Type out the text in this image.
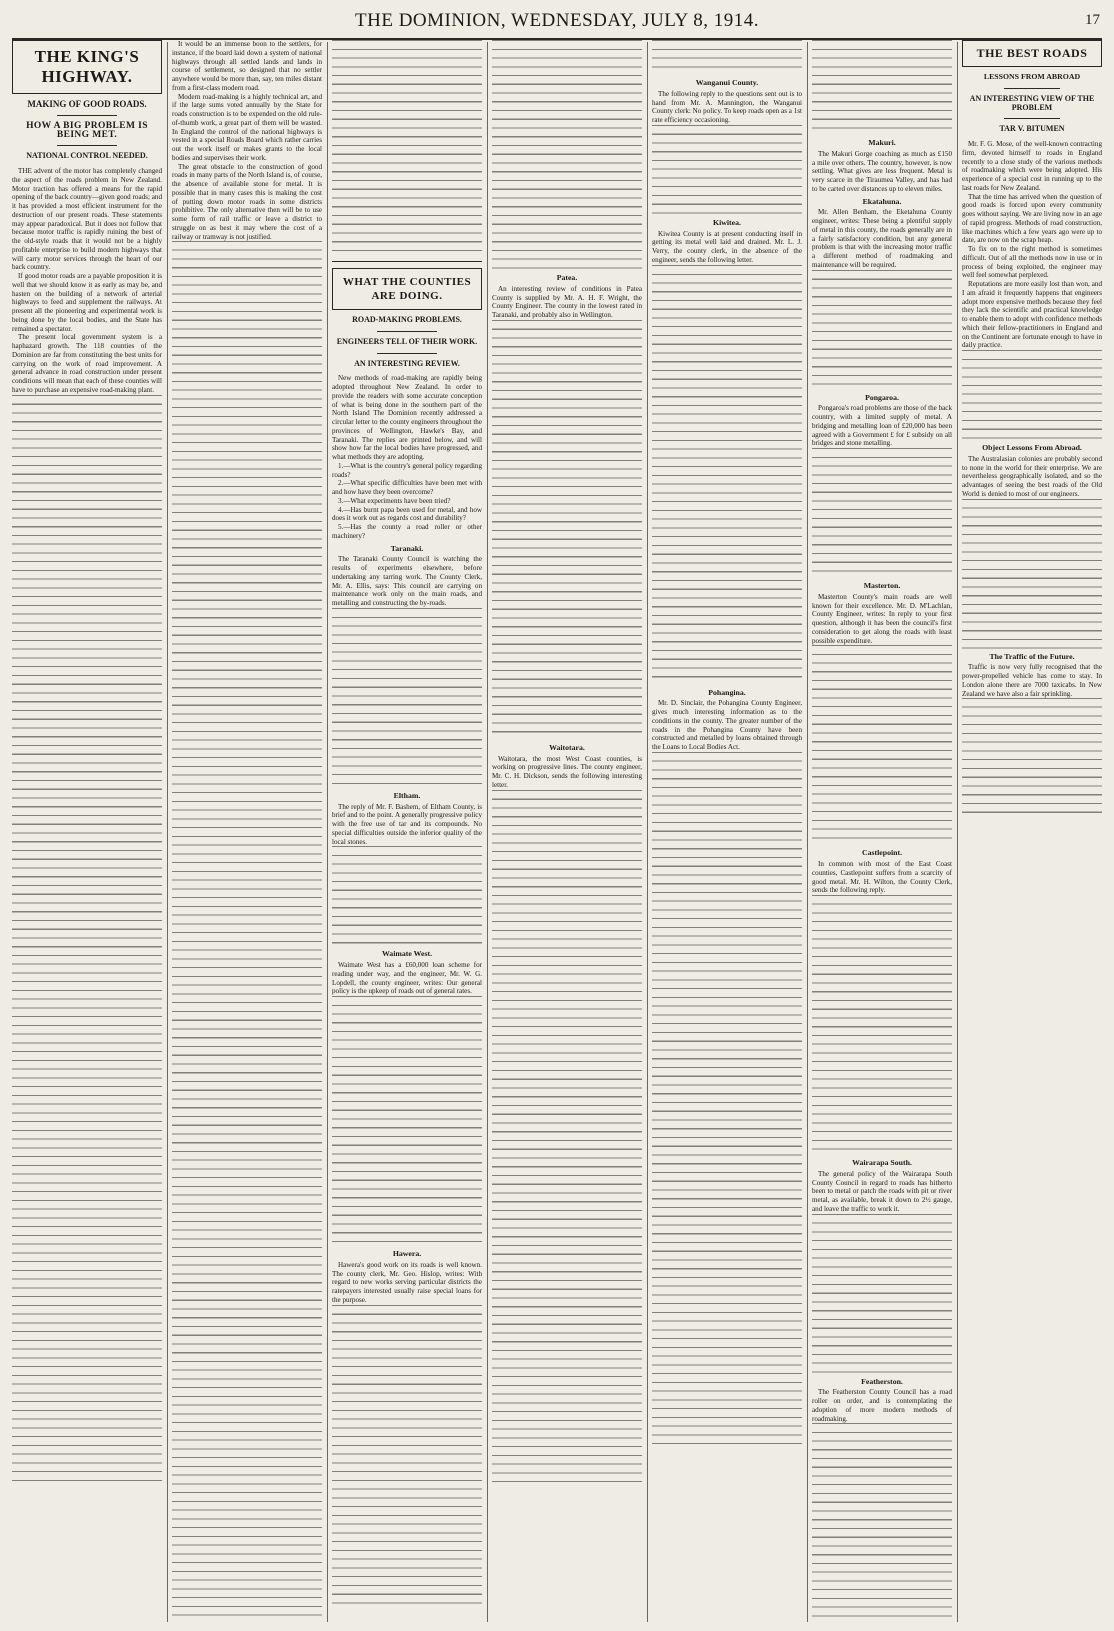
THE DOMINION, WEDNESDAY, JULY 8, 1914.	17
THE KING'S HIGHWAY.
MAKING OF GOOD ROADS.
HOW A BIG PROBLEM IS BEING MET.
NATIONAL CONTROL NEEDED.

THE advent of the motor has completely changed the aspect of the roads problem in New Zealand. Motor traction has offered a means for the rapid opening of the back country—given good roads; and it has provided a most efficient instrument for the destruction of our present roads. These statements may appear paradoxical. But it does not follow that because motor traffic is rapidly ruining the best of the old-style roads that it would not be a highly profitable enterprise to build modern highways that will carry motor services through the heart of our back country.

If good motor roads are a payable proposition it is well that we should know it as early as may be, and hasten on the building of a network of arterial highways to feed and supplement the railways. At present all the pioneering and experimental work is being done by the local bodies, and the State has remained a spectator.

The present local government system is a haphazard growth. The 118 counties of the Dominion are far from constituting the best units for carrying on the work of road improvement. A general advance in road construction under present conditions will mean that each of these counties will have to purchase an expensive road-making plant.

It would be an immense boon to the settlers, for instance, if the board laid down a system of national highways through all settled lands and lands in course of settlement, so designed that no settler anywhere would be more than, say, ten miles distant from a first-class modern road.

Modern road-making is a highly technical art, and if the large sums voted annually by the State for roads construction is to be expended on the old rule-of-thumb work, a great part of them will be wasted. In England the control of the national highways is vested in a special Roads Board which rather carries out the work itself or makes grants to the local bodies and supervises their work.

The great obstacle to the construction of good roads in many parts of the North Island is, of course, the absence of available stone for metal. It is possible that in many cases this is making the cost of putting down motor roads in some districts prohibitive. The only alternative then will be to use some form of rail traffic or leave a district to struggle on as best it may where the cost of a railway or tramway is not justified.

WHAT THE COUNTIES ARE DOING.
ROAD-MAKING PROBLEMS.
ENGINEERS TELL OF THEIR WORK.
AN INTERESTING REVIEW.

New methods of road-making are rapidly being adopted throughout New Zealand. In order to provide the readers with some accurate conception of what is being done in the southern part of the North Island The Dominion recently addressed a circular letter to the county engineers throughout the provinces of Wellington, Hawke's Bay, and Taranaki. The replies are printed below, and will show how far the local bodies have progressed, and what methods they are adopting.

1.—What is the country's general policy regarding roads?

2.—What specific difficulties have been met with and how have they been overcome?

3.—What experiments have been tried?

4.—Has burnt papa been used for metal, and how does it work out as regards cost and durability?

5.—Has the county a road roller or other machinery?

Taranaki.

The Taranaki County Council is watching the results of experiments elsewhere, before undertaking any tarring work. The County Clerk, Mr. A. Ellis, says: This council are carrying on maintenance work only on the main roads, and metalling and constructing the by-roads.

Eltham.

The reply of Mr. F. Bashem, of Eltham County, is brief and to the point. A generally progressive policy with the free use of tar and its compounds. No special difficulties outside the inferior quality of the local stones.

Waimate West.

Waimate West has a £60,000 loan scheme for reading under way, and the engineer, Mr. W. G. Lopdell, the county engineer, writes: Our general policy is the upkeep of roads out of general rates.

Hawera.

Hawera's good work on its roads is well known. The county clerk, Mr. Geo. Hislop, writes: With regard to new works serving particular districts the ratepayers interested usually raise special loans for the purpose.

Patea.

An interesting review of conditions in Patea County is supplied by Mr. A. H. F. Wright, the County Engineer. The county in the lowest rated in Taranaki, and probably also in Wellington.

Waitotara.

Waitotara, the most West Coast counties, is working on progressive lines. The county engineer, Mr. C. H. Dickson, sends the following interesting letter.

Wanganui County.

The following reply to the questions sent out is to hand from Mr. A. Mannington, the Wanganui County clerk: No policy. To keep roads open as a 1st rate efficiency occasioning.

Kiwitea.

Kiwitea County is at present conducting itself in getting its metal well laid and drained. Mr. L. J. Verry, the county clerk, in the absence of the engineer, sends the following letter.

Pohangina.

Mr. D. Sinclair, the Pohangina County Engineer, gives much interesting information as to the conditions in the county. The greater number of the roads in the Pohangina County have been constructed and metalled by loans obtained through the Loans to Local Bodies Act.

Makuri.

The Makuri Gorge coaching as much as £150 a mile over others. The country, however, is now settling. What gives are less frequent. Metal is very scarce in the Tiraumea Valley, and has had to be carted over distances up to eleven miles.

Ekatahuna.

Mr. Allen Benham, the Eketahuna County engineer, writes: These being a plentiful supply of metal in this county, the roads generally are in a fairly satisfactory condition, but any general problem is that with the increasing motor traffic a different method of roadmaking and maintenance will be required.

Pongaroa.

Pongaroa's road problems are those of the back country, with a limited supply of metal. A bridging and metalling loan of £20,000 has been agreed with a Government £ for £ subsidy on all bridges and stone metalling.

Masterton.

Masterton County's main roads are well known for their excellence. Mr. D. M'Lachlan, County Engineer, writes: In reply to your first question, although it has been the council's first consideration to get along the roads with least possible expenditure.

Castlepoint.

In common with most of the East Coast counties, Castlepoint suffers from a scarcity of good metal. Mr. H. Wilton, the County Clerk, sends the following reply.

Wairarapa South.

The general policy of the Wairarapa South County Council in regard to roads has hitherto been to metal or patch the roads with pit or river metal, as available, break it down to 2½ gauge, and leave the traffic to work it.

Featherston.

The Featherston County Council has a road roller on order, and is contemplating the adoption of more modern methods of roadmaking.

THE BEST ROADS
LESSONS FROM ABROAD
AN INTERESTING VIEW OF THE PROBLEM
TAR V. BITUMEN

Mr. F. G. Mose, of the well-known contracting firm, devoted himself to roads in England recently to a close study of the various methods of roadmaking which were being adopted. His experience of a special cost in running up to the last roads for New Zealand.

That the time has arrived when the question of good roads is forced upon every community goes without saying. We are living now in an age of rapid progress. Methods of road construction, like machines which a few years ago were up to date, are now on the scrap heap.

To fix on to the right method is sometimes difficult. Out of all the methods now in use or in process of being exploited, the engineer may well feel somewhat perplexed.

Reputations are more easily lost than won, and I am afraid it frequently happens that engineers adopt more expensive methods because they feel they lack the scientific and practical knowledge to enable them to adopt with confidence methods which their fellow-practitioners in England and on the Continent are fortunate enough to have in daily practice.

Object Lessons From Abroad.

The Australasian colonies are probably second to none in the world for their enterprise. We are nevertheless geographically isolated, and so the advantages of seeing the best roads of the Old World is denied to most of our engineers.

The Traffic of the Future.

Traffic is now very fully recognised that the power-propelled vehicle has come to stay. In London alone there are 7000 taxicabs. In New Zealand we have also a fair sprinkling.
